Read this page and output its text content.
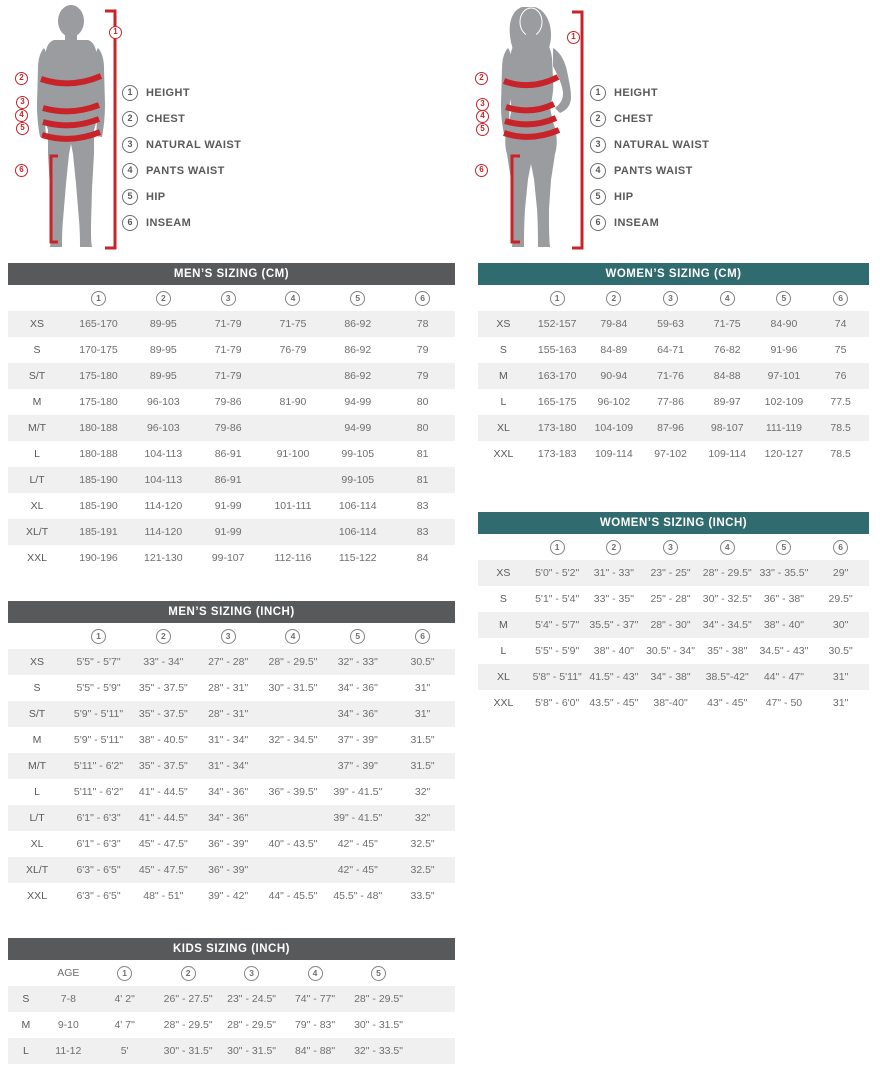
1
2
3
4
5
6
1	HEIGHT
2	CHEST
3	NATURAL WAIST
4	PANTS WAIST
5	HIP
6	INSEAM
1
2
3
4
5
6
1	HEIGHT
2	CHEST
3	NATURAL WAIST
4	PANTS WAIST
5	HIP
6	INSEAM
MEN’S SIZING (CM)
	1	2	3	4	5	6
XS	165-170	89-95	71-79	71-75	86-92	78
S	170-175	89-95	71-79	76-79	86-92	79
S/T	175-180	89-95	71-79		86-92	79
M	175-180	96-103	79-86	81-90	94-99	80
M/T	180-188	96-103	79-86		94-99	80
L	180-188	104-113	86-91	91-100	99-105	81
L/T	185-190	104-113	86-91		99-105	81
XL	185-190	114-120	91-99	101-111	106-114	83
XL/T	185-191	114-120	91-99		106-114	83
XXL	190-196	121-130	99-107	112-116	115-122	84
MEN’S SIZING (INCH)
	1	2	3	4	5	6
XS	5'5" - 5'7"	33" - 34"	27" - 28"	28" - 29.5"	32" - 33"	30.5"
S	5'5" - 5'9"	35" - 37.5"	28" - 31"	30" - 31.5"	34" - 36"	31"
S/T	5'9" - 5'11"	35" - 37.5"	28" - 31"		34" - 36"	31"
M	5'9" - 5'11"	38" - 40.5"	31" - 34"	32" - 34.5"	37" - 39"	31.5"
M/T	5'11" - 6'2"	35" - 37.5"	31" - 34"		37" - 39"	31.5"
L	5'11" - 6'2"	41" - 44.5"	34" - 36"	36" - 39.5"	39" - 41.5"	32"
L/T	6'1" - 6'3"	41" - 44.5"	34" - 36"		39" - 41.5"	32"
XL	6'1" - 6'3"	45" - 47.5"	36" - 39"	40" - 43.5"	42" - 45"	32.5"
XL/T	6'3" - 6'5"	45" - 47.5"	36" - 39"		42" - 45"	32.5"
XXL	6'3" - 6'5"	48" - 51"	39" - 42"	44" - 45.5"	45.5" - 48"	33.5"
KIDS SIZING (INCH)
	AGE	1	2	3	4	5	
S	7-8	4' 2"	26" - 27.5"	23" - 24.5"	74" - 77"	28" - 29.5"	
M	9-10	4' 7"	28" - 29.5"	28" - 29.5"	79" - 83"	30" - 31.5"	
L	11-12	5'	30" - 31.5"	30" - 31.5"	84" - 88"	32" - 33.5"	
WOMEN’S SIZING (CM)
	1	2	3	4	5	6
XS	152-157	79-84	59-63	71-75	84-90	74
S	155-163	84-89	64-71	76-82	91-96	75
M	163-170	90-94	71-76	84-88	97-101	76
L	165-175	96-102	77-86	89-97	102-109	77.5
XL	173-180	104-109	87-96	98-107	111-119	78.5
XXL	173-183	109-114	97-102	109-114	120-127	78.5
WOMEN’S SIZING (INCH)
	1	2	3	4	5	6
XS	5'0" - 5'2"	31" - 33"	23" - 25"	28" - 29.5"	33" - 35.5"	29"
S	5'1" - 5'4"	33" - 35"	25" - 28"	30" - 32.5"	36" - 38"	29.5"
M	5'4" - 5'7"	35.5" - 37"	28" - 30"	34" - 34.5"	38" - 40"	30"
L	5'5" - 5'9"	38" - 40"	30.5" - 34"	35" - 38"	34.5" - 43"	30.5"
XL	5'8" - 5'11"	41.5" - 43"	34" - 38"	38.5"-42"	44" - 47"	31"
XXL	5'8" - 6'0"	43.5" - 45"	38"-40"	43" - 45"	47" - 50	31"
